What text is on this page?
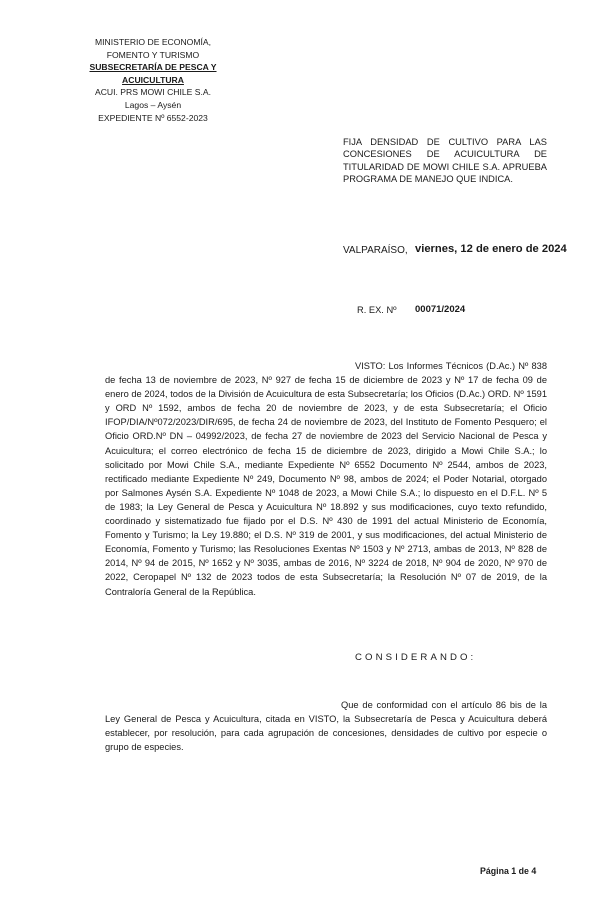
MINISTERIO DE ECONOMÍA,
FOMENTO Y TURISMO
SUBSECRETARÍA DE PESCA Y ACUICULTURA
ACUI. PRS MOWI CHILE S.A.
Lagos – Aysén
EXPEDIENTE Nº 6552-2023
FIJA DENSIDAD DE CULTIVO PARA LAS CONCESIONES DE ACUICULTURA DE TITULARIDAD DE MOWI CHILE S.A. APRUEBA PROGRAMA DE MANEJO QUE INDICA.
VALPARAÍSO, viernes, 12 de enero de 2024
R. EX. Nº 00071/2024
VISTO: Los Informes Técnicos (D.Ac.) Nº 838 de fecha 13 de noviembre de 2023, Nº 927 de fecha 15 de diciembre de 2023 y Nº 17 de fecha 09 de enero de 2024, todos de la División de Acuicultura de esta Subsecretaría; los Oficios (D.Ac.) ORD. Nº 1591 y ORD Nº 1592, ambos de fecha 20 de noviembre de 2023, y de esta Subsecretaría; el Oficio IFOP/DIA/Nº072/2023/DIR/695, de fecha 24 de noviembre de 2023, del Instituto de Fomento Pesquero; el Oficio ORD.Nº DN – 04992/2023, de fecha 27 de noviembre de 2023 del Servicio Nacional de Pesca y Acuicultura; el correo electrónico de fecha 15 de diciembre de 2023, dirigido a Mowi Chile S.A.; lo solicitado por Mowi Chile S.A., mediante Expediente Nº 6552 Documento Nº 2544, ambos de 2023, rectificado mediante Expediente Nº 249, Documento Nº 98, ambos de 2024; el Poder Notarial, otorgado por Salmones Aysén S.A. Expediente Nº 1048 de 2023, a Mowi Chile S.A.; lo dispuesto en el D.F.L. Nº 5 de 1983; la Ley General de Pesca y Acuicultura Nº 18.892 y sus modificaciones, cuyo texto refundido, coordinado y sistematizado fue fijado por el D.S. Nº 430 de 1991 del actual Ministerio de Economía, Fomento y Turismo; la Ley 19.880; el D.S. Nº 319 de 2001, y sus modificaciones, del actual Ministerio de Economía, Fomento y Turismo; las Resoluciones Exentas Nº 1503 y Nº 2713, ambas de 2013, Nº 828 de 2014, Nº 94 de 2015, Nº 1652 y Nº 3035, ambas de 2016, Nº 3224 de 2018, Nº 904 de 2020, Nº 970 de 2022, Ceropapel Nº 132 de 2023 todos de esta Subsecretaría; la Resolución Nº 07 de 2019, de la Contraloría General de la República.
CONSIDERANDO:
Que de conformidad con el artículo 86 bis de la Ley General de Pesca y Acuicultura, citada en VISTO, la Subsecretaría de Pesca y Acuicultura deberá establecer, por resolución, para cada agrupación de concesiones, densidades de cultivo por especie o grupo de especies.
Página 1 de 4
